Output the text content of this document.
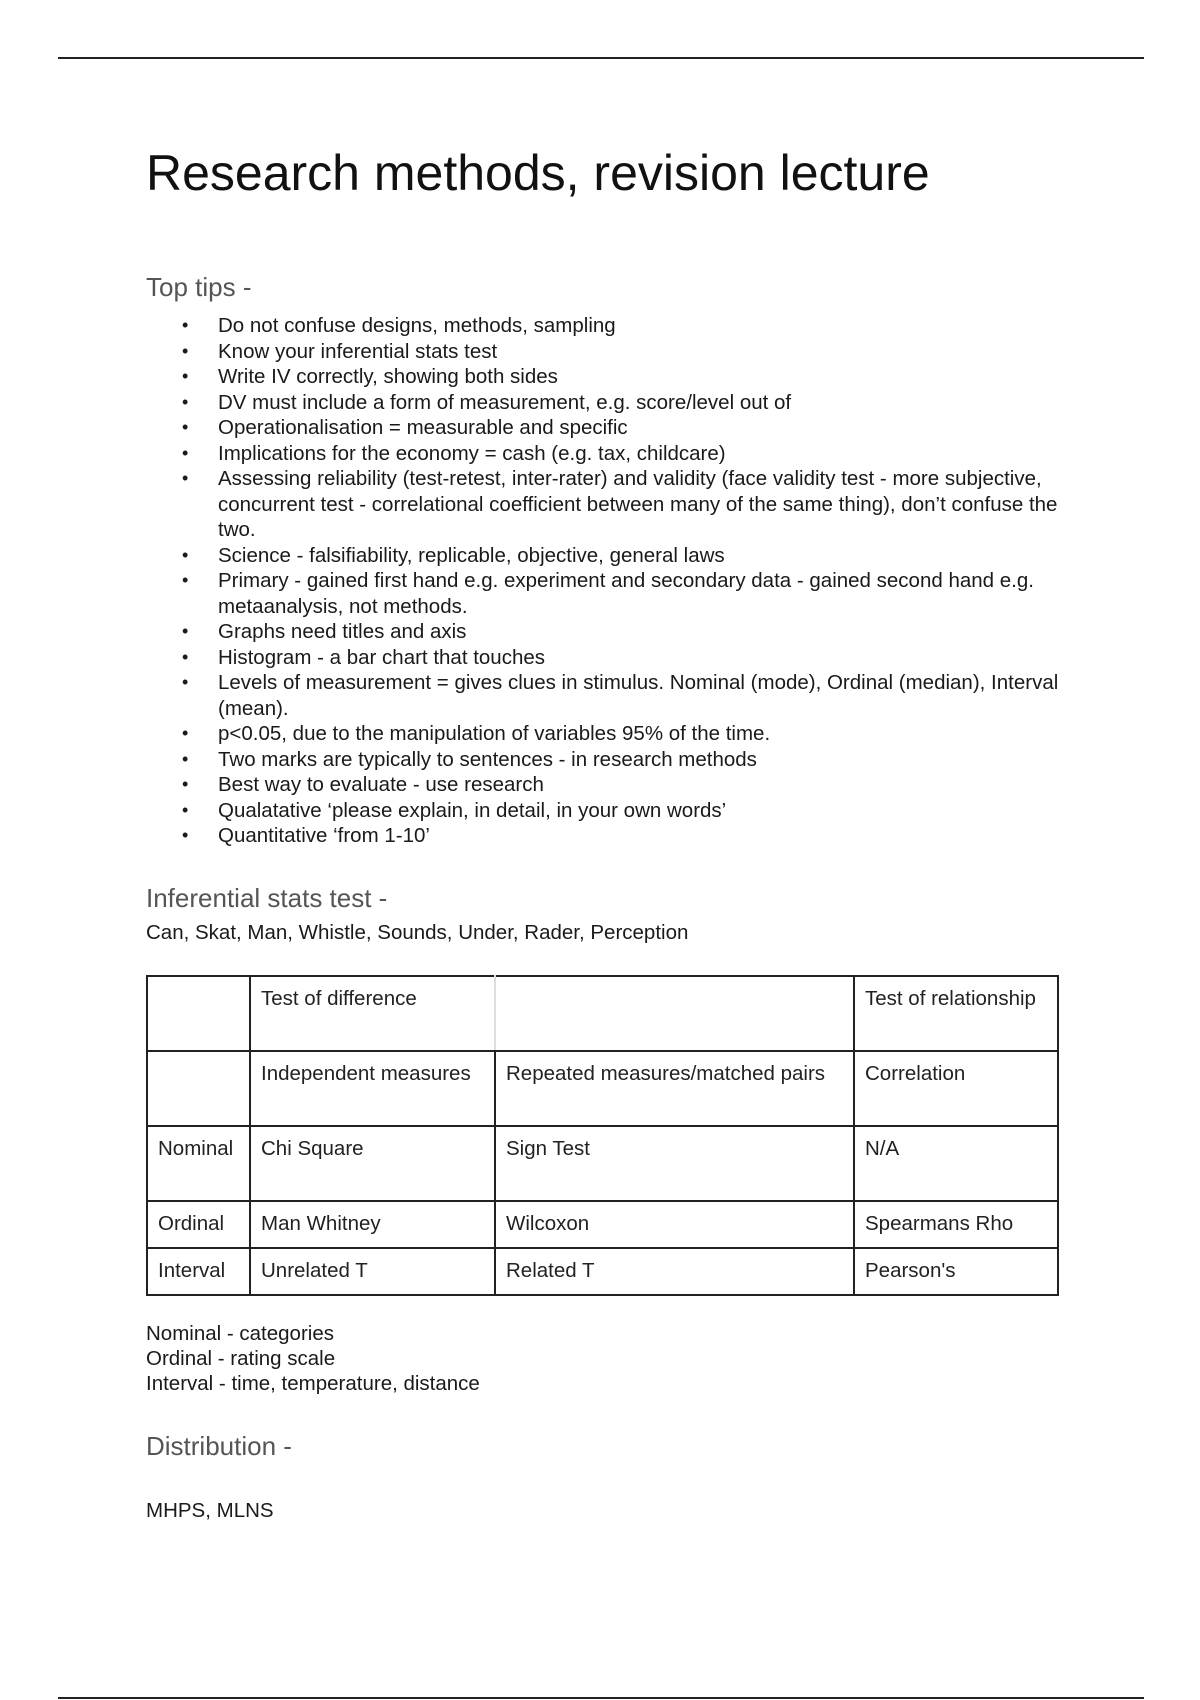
Research methods, revision lecture
Top tips -
• Do not confuse designs, methods, sampling
• Know your inferential stats test
• Write IV correctly, showing both sides
• DV must include a form of measurement, e.g. score/level out of
• Operationalisation = measurable and specific
• Implications for the economy = cash (e.g. tax, childcare)
• Assessing reliability (test-retest, inter-rater) and validity (face validity test - more subjective, concurrent test - correlational coefficient between many of the same thing), don’t confuse the two.
• Science - falsifiability, replicable, objective, general laws
• Primary - gained first hand e.g. experiment and secondary data - gained second hand e.g. metaanalysis, not methods.
• Graphs need titles and axis
• Histogram - a bar chart that touches
• Levels of measurement = gives clues in stimulus. Nominal (mode), Ordinal (median), Interval (mean).
• p<0.05, due to the manipulation of variables 95% of the time.
• Two marks are typically to sentences - in research methods
• Best way to evaluate - use research
• Qualatative ‘please explain, in detail, in your own words’
• Quantitative ‘from 1-10’
Inferential stats test -
Can, Skat, Man, Whistle, Sounds, Under, Rader, Perception
	Test of difference		Test of relationship
	Independent measures	Repeated measures/matched pairs	Correlation
Nominal	Chi Square	Sign Test	N/A
Ordinal	Man Whitney	Wilcoxon	Spearmans Rho
Interval	Unrelated T	Related T	Pearson's
Nominal - categories
Ordinal - rating scale
Interval - time, temperature, distance
Distribution -
MHPS, MLNS
